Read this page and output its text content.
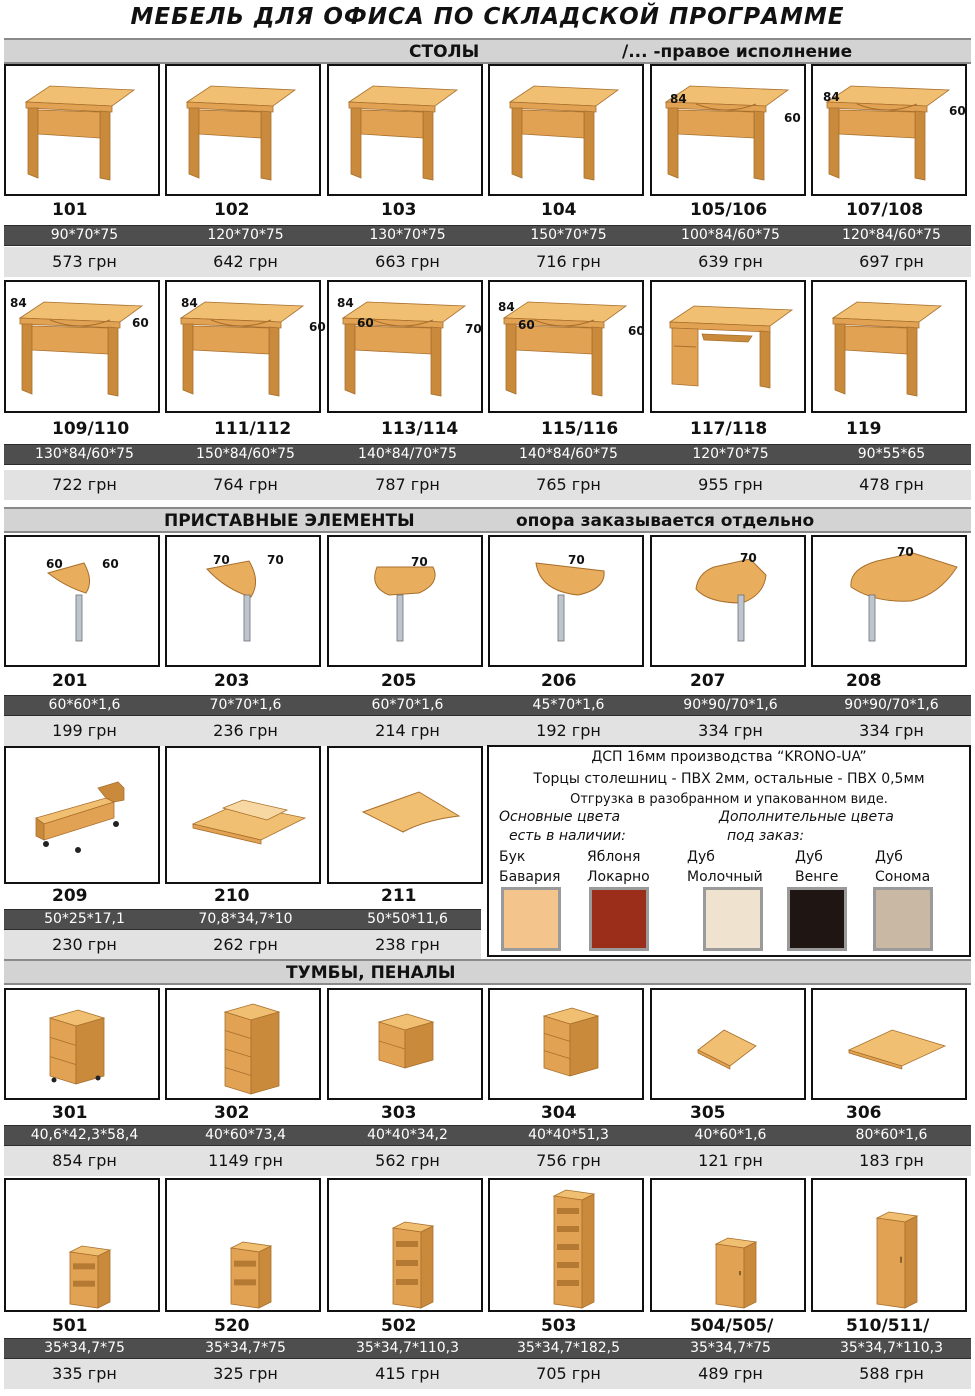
МЕБЕЛЬ ДЛЯ ОФИСА ПО СКЛАДСКОЙ ПРОГРАММЕ
СТОЛЫ	/... -правое исполнение
84
60
84
60
101	102	103	104	105/106	107/108
90*70*75	120*70*75	130*70*75	150*70*75	100*84/60*75	120*84/60*75
573 грн	642 грн	663 грн	716 грн	639 грн	697 грн
84
60
84
60
84
60	70
84
60	60
109/110	111/112	113/114	115/116	117/118	119
130*84/60*75	150*84/60*75	140*84/70*75	140*84/60*75	120*70*75	90*55*65
722 грн	764 грн	787 грн	765 грн	955 грн	478 грн
ПРИСТАВНЫЕ ЭЛЕМЕНТЫ	опора заказывается отдельно
60	60	70	70	70	70	70	70
201	203	205	206	207	208
60*60*1,6	70*70*1,6	60*70*1,6	45*70*1,6	90*90/70*1,6	90*90/70*1,6
199 грн	236 грн	214 грн	192 грн	334 грн	334 грн
209	210	211
50*25*17,1	70,8*34,7*10	50*50*11,6
230 грн	262 грн	238 грн
ДСП 16мм производства “KRONO-UA”
Торцы столешниц - ПВХ 2мм, остальные - ПВХ 0,5мм
Отгрузка в разобранном и упакованном виде.
Основные цвета
есть в наличии:
Дополнительные цвета
под заказ:
Бук
Бавария
Яблоня
Локарно
Дуб
Молочный
Дуб
Венге
Дуб
Сонома
ТУМБЫ, ПЕНАЛЫ
301	302	303	304	305	306
40,6*42,3*58,4	40*60*73,4	40*40*34,2	40*40*51,3	40*60*1,6	80*60*1,6
854 грн	1149 грн	562 грн	756 грн	121 грн	183 грн
501	520	502	503	504/505/	510/511/
35*34,7*75	35*34,7*75	35*34,7*110,3	35*34,7*182,5	35*34,7*75	35*34,7*110,3
335 грн	325 грн	415 грн	705 грн	489 грн	588 грн
